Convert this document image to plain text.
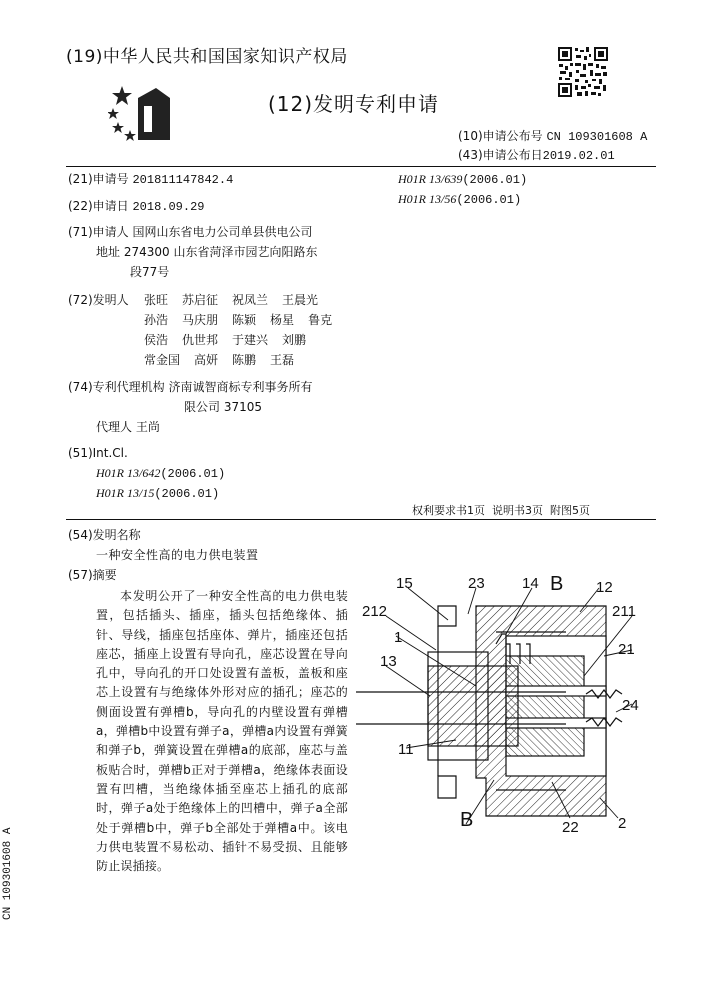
(19)中华人民共和国国家知识产权局
(12)发明专利申请
(10)申请公布号 CN 109301608 A
(43)申请公布日2019.02.01
(21)申请号 201811147842.4
(22)申请日 2018.09.29
(71)申请人 国网山东省电力公司单县供电公司
地址 274300 山东省菏泽市园艺向阳路东
段77号
(72)发明人 张旺 苏启征 祝凤兰 王晨光
孙浩 马庆朋 陈颖 杨星 鲁克
侯浩 仇世邦 于建兴 刘鹏
常金国 高妍 陈鹏 王磊
(74)专利代理机构 济南诚智商标专利事务所有
限公司 37105
代理人 王尚
(51)Int.Cl.
H01R 13/642(2006.01)
H01R 13/15(2006.01)
H01R 13/639(2006.01)
H01R 13/56(2006.01)
权利要求书1页  说明书3页  附图5页
(54)发明名称
一种安全性高的电力供电装置
(57)摘要
本发明公开了一种安全性高的电力供电装置，包括插头、插座，插头包括绝缘体、插针、导线，插座包括座体、弹片，插座还包括座芯，插座上设置有导向孔，座芯设置在导向孔中，导向孔的开口处设置有盖板，盖板和座芯上设置有与绝缘体外形对应的插孔；座芯的侧面设置有弹槽b，导向孔的内壁设置有弹槽a，弹槽b中设置有弹子a，弹槽a内设置有弹簧和弹子b，弹簧设置在弹槽a的底部，座芯与盖板贴合时，弹槽b正对于弹槽a，绝缘体表面设置有凹槽，当绝缘体插至座芯上插孔的底部时，弹子a处于绝缘体上的凹槽中，弹子a全部处于弹槽b中，弹子b全部处于弹槽a中。该电力供电装置不易松动、插针不易受损、且能够防止误插接。
CN 109301608 A
15	23 14 B 12
212
1
211
13
21
24
11
B	22	2
